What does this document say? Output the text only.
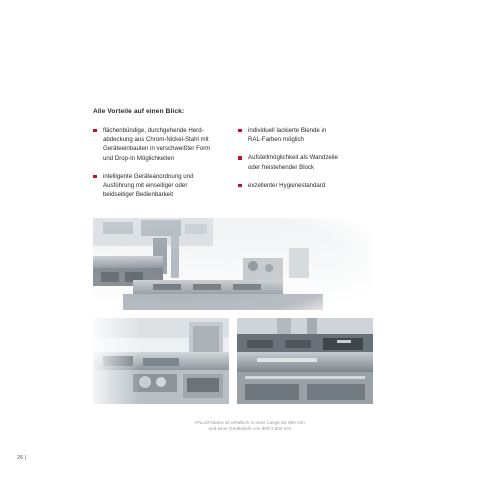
Alle Vorteile auf einen Blick:
flächenbündige, durchgehende Herd-
abdeckung aus Chrom-Nickel-Stahl mit
Geräteeinbauten in verschweißter Form
und Drop-In Möglichkeiten
intelligente Geräteanordnung und
Ausführung mit einseitiger oder
beidseitiger Bedienbarkeit
individuell lackierte Blende in
RAL-Farben möglich
Aufstellmöglichkeit als Wandzeile
oder freistehender Block
exzellenter Hygienestandard
PALUX Matrix ist erhältlich in einer Länge bis 900 mm
und einer Gerätetiefe von 900-1.800 mm
26 |
